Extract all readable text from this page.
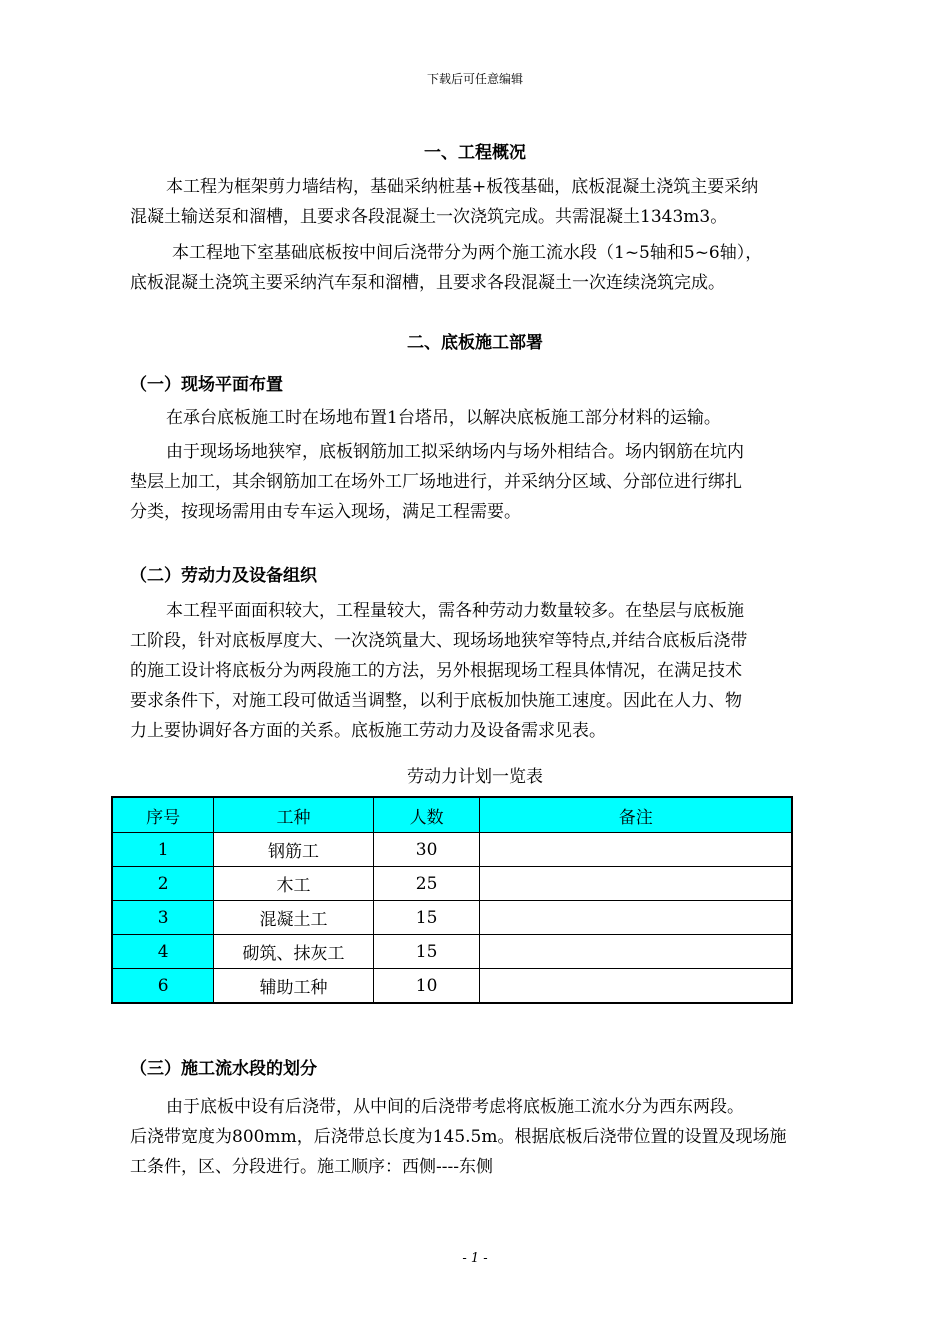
下载后可任意编辑
一、工程概况

本工程为框架剪力墙结构，基础采纳桩基+板筏基础，底板混凝土浇筑主要采纳
混凝土输送泵和溜槽，且要求各段混凝土一次浇筑完成。共需混凝土1343m3。

本工程地下室基础底板按中间后浇带分为两个施工流水段（1~5轴和5~6轴），
底板混凝土浇筑主要采纳汽车泵和溜槽，且要求各段混凝土一次连续浇筑完成。

二、底板施工部署
（一）现场平面布置

在承台底板施工时在场地布置1台塔吊，以解决底板施工部分材料的运输。

由于现场场地狭窄，底板钢筋加工拟采纳场内与场外相结合。场内钢筋在坑内
垫层上加工，其余钢筋加工在场外工厂场地进行，并采纳分区域、分部位进行绑扎
分类，按现场需用由专车运入现场，满足工程需要。

（二）劳动力及设备组织

本工程平面面积较大，工程量较大，需各种劳动力数量较多。在垫层与底板施
工阶段，针对底板厚度大、一次浇筑量大、现场场地狭窄等特点,并结合底板后浇带
的施工设计将底板分为两段施工的方法，另外根据现场工程具体情况，在满足技术
要求条件下，对施工段可做适当调整，以利于底板加快施工速度。因此在人力、物
力上要协调好各方面的关系。底板施工劳动力及设备需求见表。

劳动力计划一览表
序号	工种	人数	备注
1	钢筋工	30	
2	木工	25	
3	混凝土工	15	
4	砌筑、抹灰工	15	
6	辅助工种	10	
（三）施工流水段的划分

由于底板中设有后浇带，从中间的后浇带考虑将底板施工流水分为西东两段。
后浇带宽度为800mm，后浇带总长度为145.5m。根据底板后浇带位置的设置及现场施
工条件，区、分段进行。施工顺序：西侧----东侧

- 1 -
